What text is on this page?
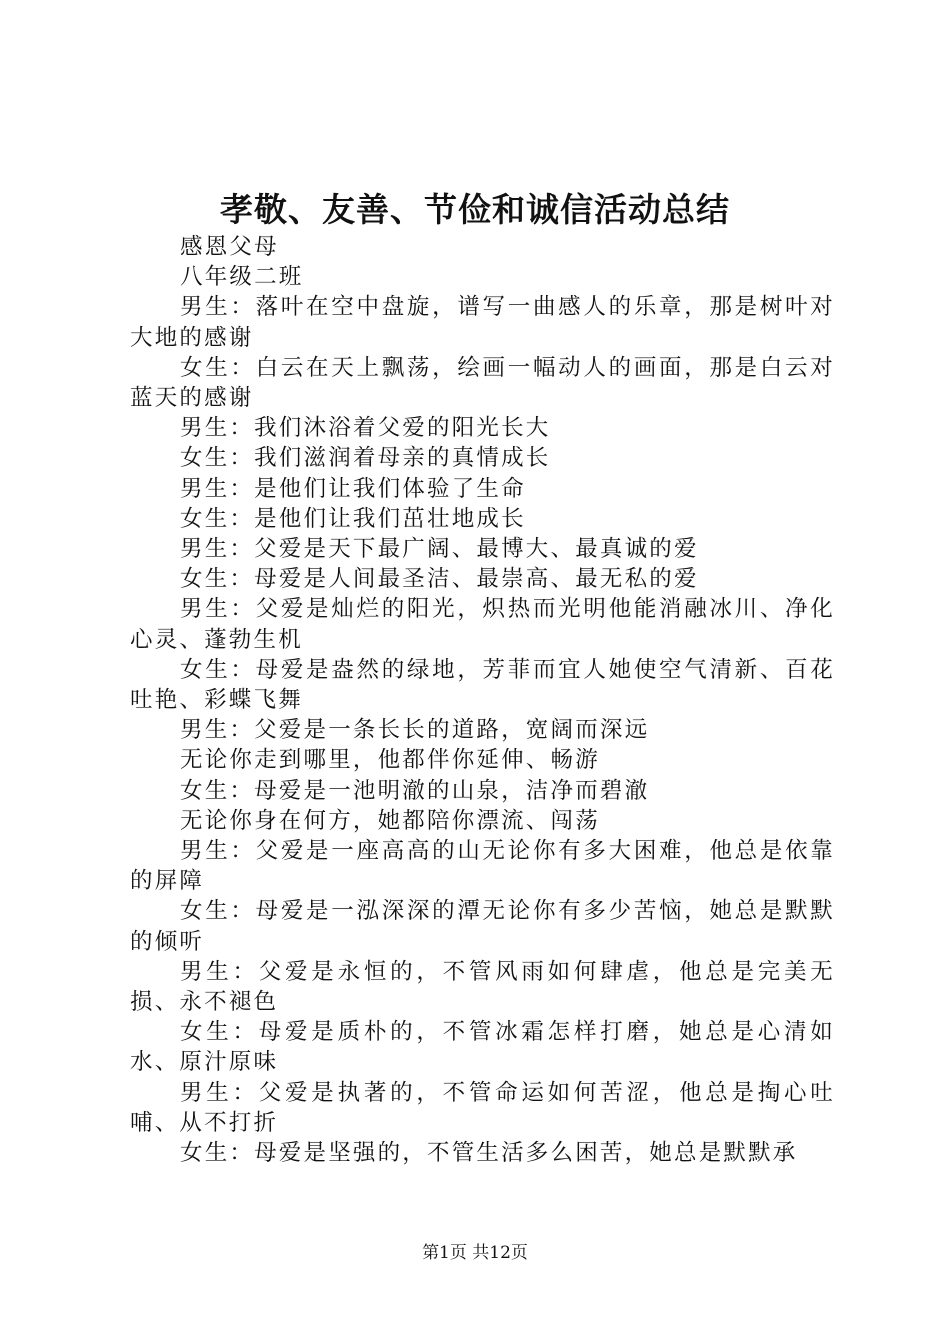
孝敬、友善、节俭和诚信活动总结

感恩父母

八年级二班

男生：落叶在空中盘旋，谱写一曲感人的乐章，那是树叶对大地的感谢

女生：白云在天上飘荡，绘画一幅动人的画面，那是白云对蓝天的感谢

男生：我们沐浴着父爱的阳光长大

女生：我们滋润着母亲的真情成长

男生：是他们让我们体验了生命

女生：是他们让我们茁壮地成长

男生：父爱是天下最广阔、最博大、最真诚的爱

女生：母爱是人间最圣洁、最崇高、最无私的爱

男生：父爱是灿烂的阳光，炽热而光明他能消融冰川、净化心灵、蓬勃生机

女生：母爱是盎然的绿地，芳菲而宜人她使空气清新、百花吐艳、彩蝶飞舞

男生：父爱是一条长长的道路，宽阔而深远

无论你走到哪里，他都伴你延伸、畅游

女生：母爱是一池明澈的山泉，洁净而碧澈

无论你身在何方，她都陪你漂流、闯荡

男生：父爱是一座高高的山无论你有多大困难，他总是依靠的屏障

女生：母爱是一泓深深的潭无论你有多少苦恼，她总是默默的倾听

男生：父爱是永恒的，不管风雨如何肆虐，他总是完美无损、永不褪色

女生：母爱是质朴的，不管冰霜怎样打磨，她总是心清如水、原汁原味

男生：父爱是执著的，不管命运如何苦涩，他总是掏心吐哺、从不打折

女生：母爱是坚强的，不管生活多么困苦，她总是默默承

第1页 共12页
